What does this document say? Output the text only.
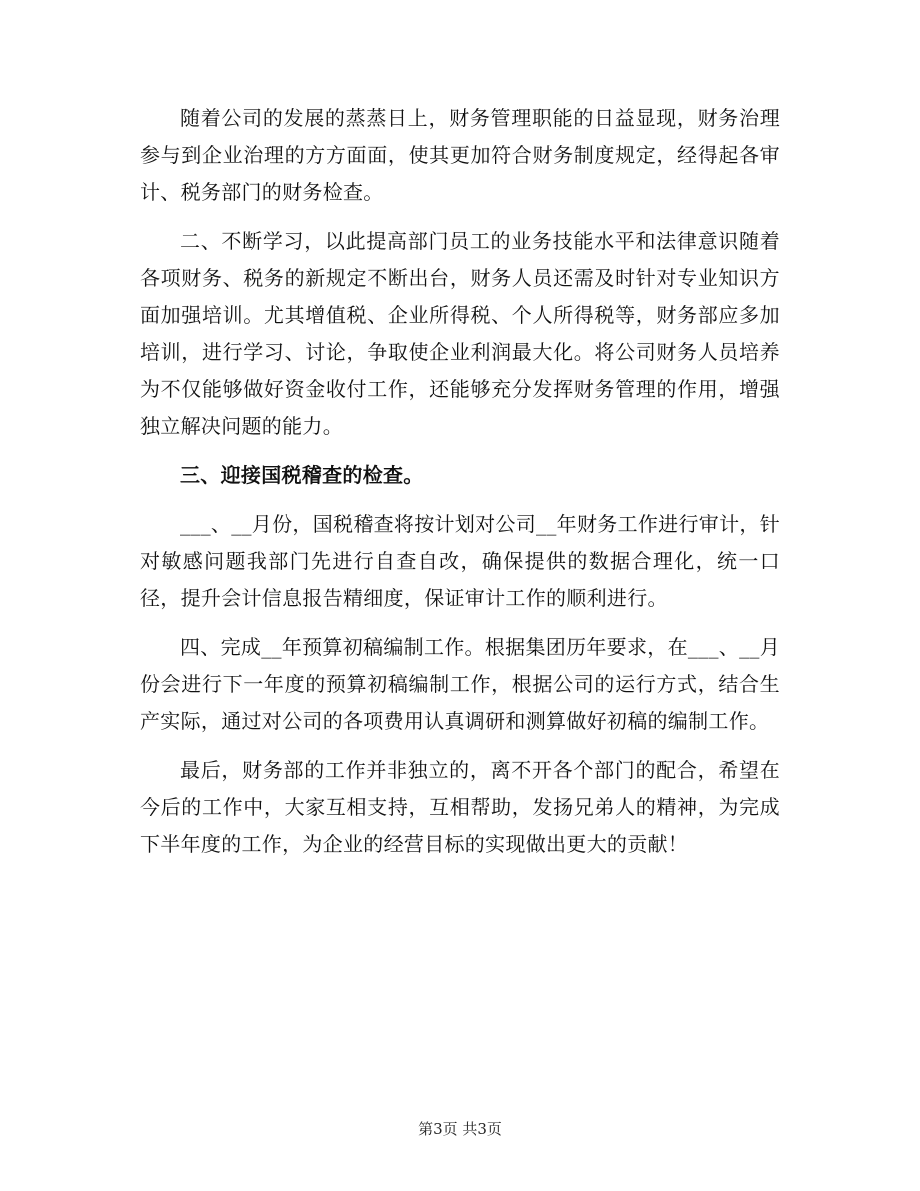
随着公司的发展的蒸蒸日上，财务管理职能的日益显现，财务治理参与到企业治理的方方面面，使其更加符合财务制度规定，经得起各审计、税务部门的财务检查。

二、不断学习，以此提高部门员工的业务技能水平和法律意识随着各项财务、税务的新规定不断出台，财务人员还需及时针对专业知识方面加强培训。尤其增值税、企业所得税、个人所得税等，财务部应多加培训，进行学习、讨论，争取使企业利润最大化。将公司财务人员培养为不仅能够做好资金收付工作，还能够充分发挥财务管理的作用，增强独立解决问题的能力。

三、迎接国税稽查的检查。

___、__月份，国税稽查将按计划对公司__年财务工作进行审计，针对敏感问题我部门先进行自查自改，确保提供的数据合理化，统一口径，提升会计信息报告精细度，保证审计工作的顺利进行。

四、完成__年预算初稿编制工作。根据集团历年要求，在___、__月份会进行下一年度的预算初稿编制工作，根据公司的运行方式，结合生产实际，通过对公司的各项费用认真调研和测算做好初稿的编制工作。

最后，财务部的工作并非独立的，离不开各个部门的配合，希望在今后的工作中，大家互相支持，互相帮助，发扬兄弟人的精神，为完成下半年度的工作，为企业的经营目标的实现做出更大的贡献！

第3页 共3页
